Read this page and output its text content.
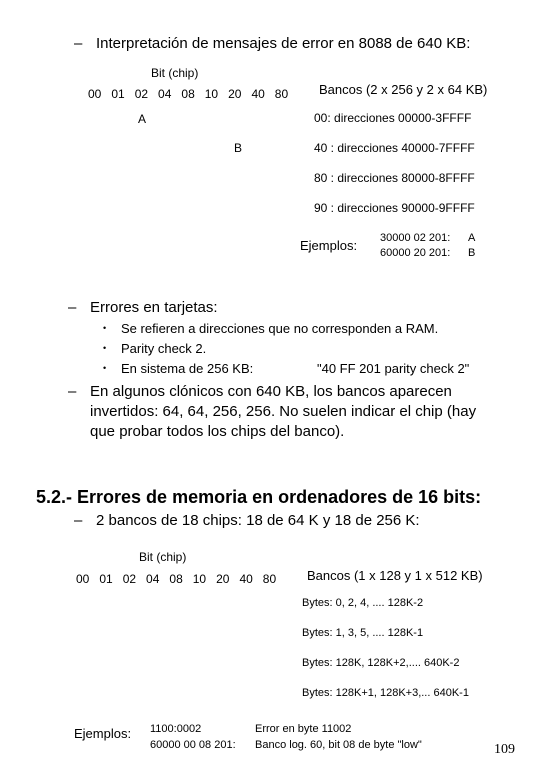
– Interpretación de mensajes de error en 8088 de 640 KB:
Bit (chip)
00   01   02   04   08   10   20   40   80 Bancos (2 x 256 y 2 x 64 KB)
A
B
00: direcciones 00000-3FFFF
40 : direcciones 40000-7FFFF
80 : direcciones 80000-8FFFF
90 : direcciones 90000-9FFFF
Ejemplos: 30000 02 201: A
60000 20 201: B
– Errores en tarjetas:
• Se refieren a direcciones que no corresponden a RAM.
• Parity check 2.
• En sistema de 256 KB:	"40 FF 201 parity check 2"
– En algunos clónicos con 640 KB, los bancos aparecen
invertidos: 64, 64, 256, 256. No suelen indicar el chip (hay
que probar todos los chips del banco).
5.2.- Errores de memoria en ordenadores de 16 bits:
– 2 bancos de 18 chips: 18 de 64 K y 18 de 256 K:
Bit (chip)
00   01   02   04   08   10   20   40   80 Bancos (1 x 128 y 1 x 512 KB)
Bytes: 0, 2, 4, .... 128K-2
Bytes: 1, 3, 5, .... 128K-1
Bytes: 128K, 128K+2,.... 640K-2
Bytes: 128K+1, 128K+3,... 640K-1
Ejemplos: 1100:0002	Error en byte 11002
60000 00 08 201: Banco log. 60, bit 08 de byte "low"	109
